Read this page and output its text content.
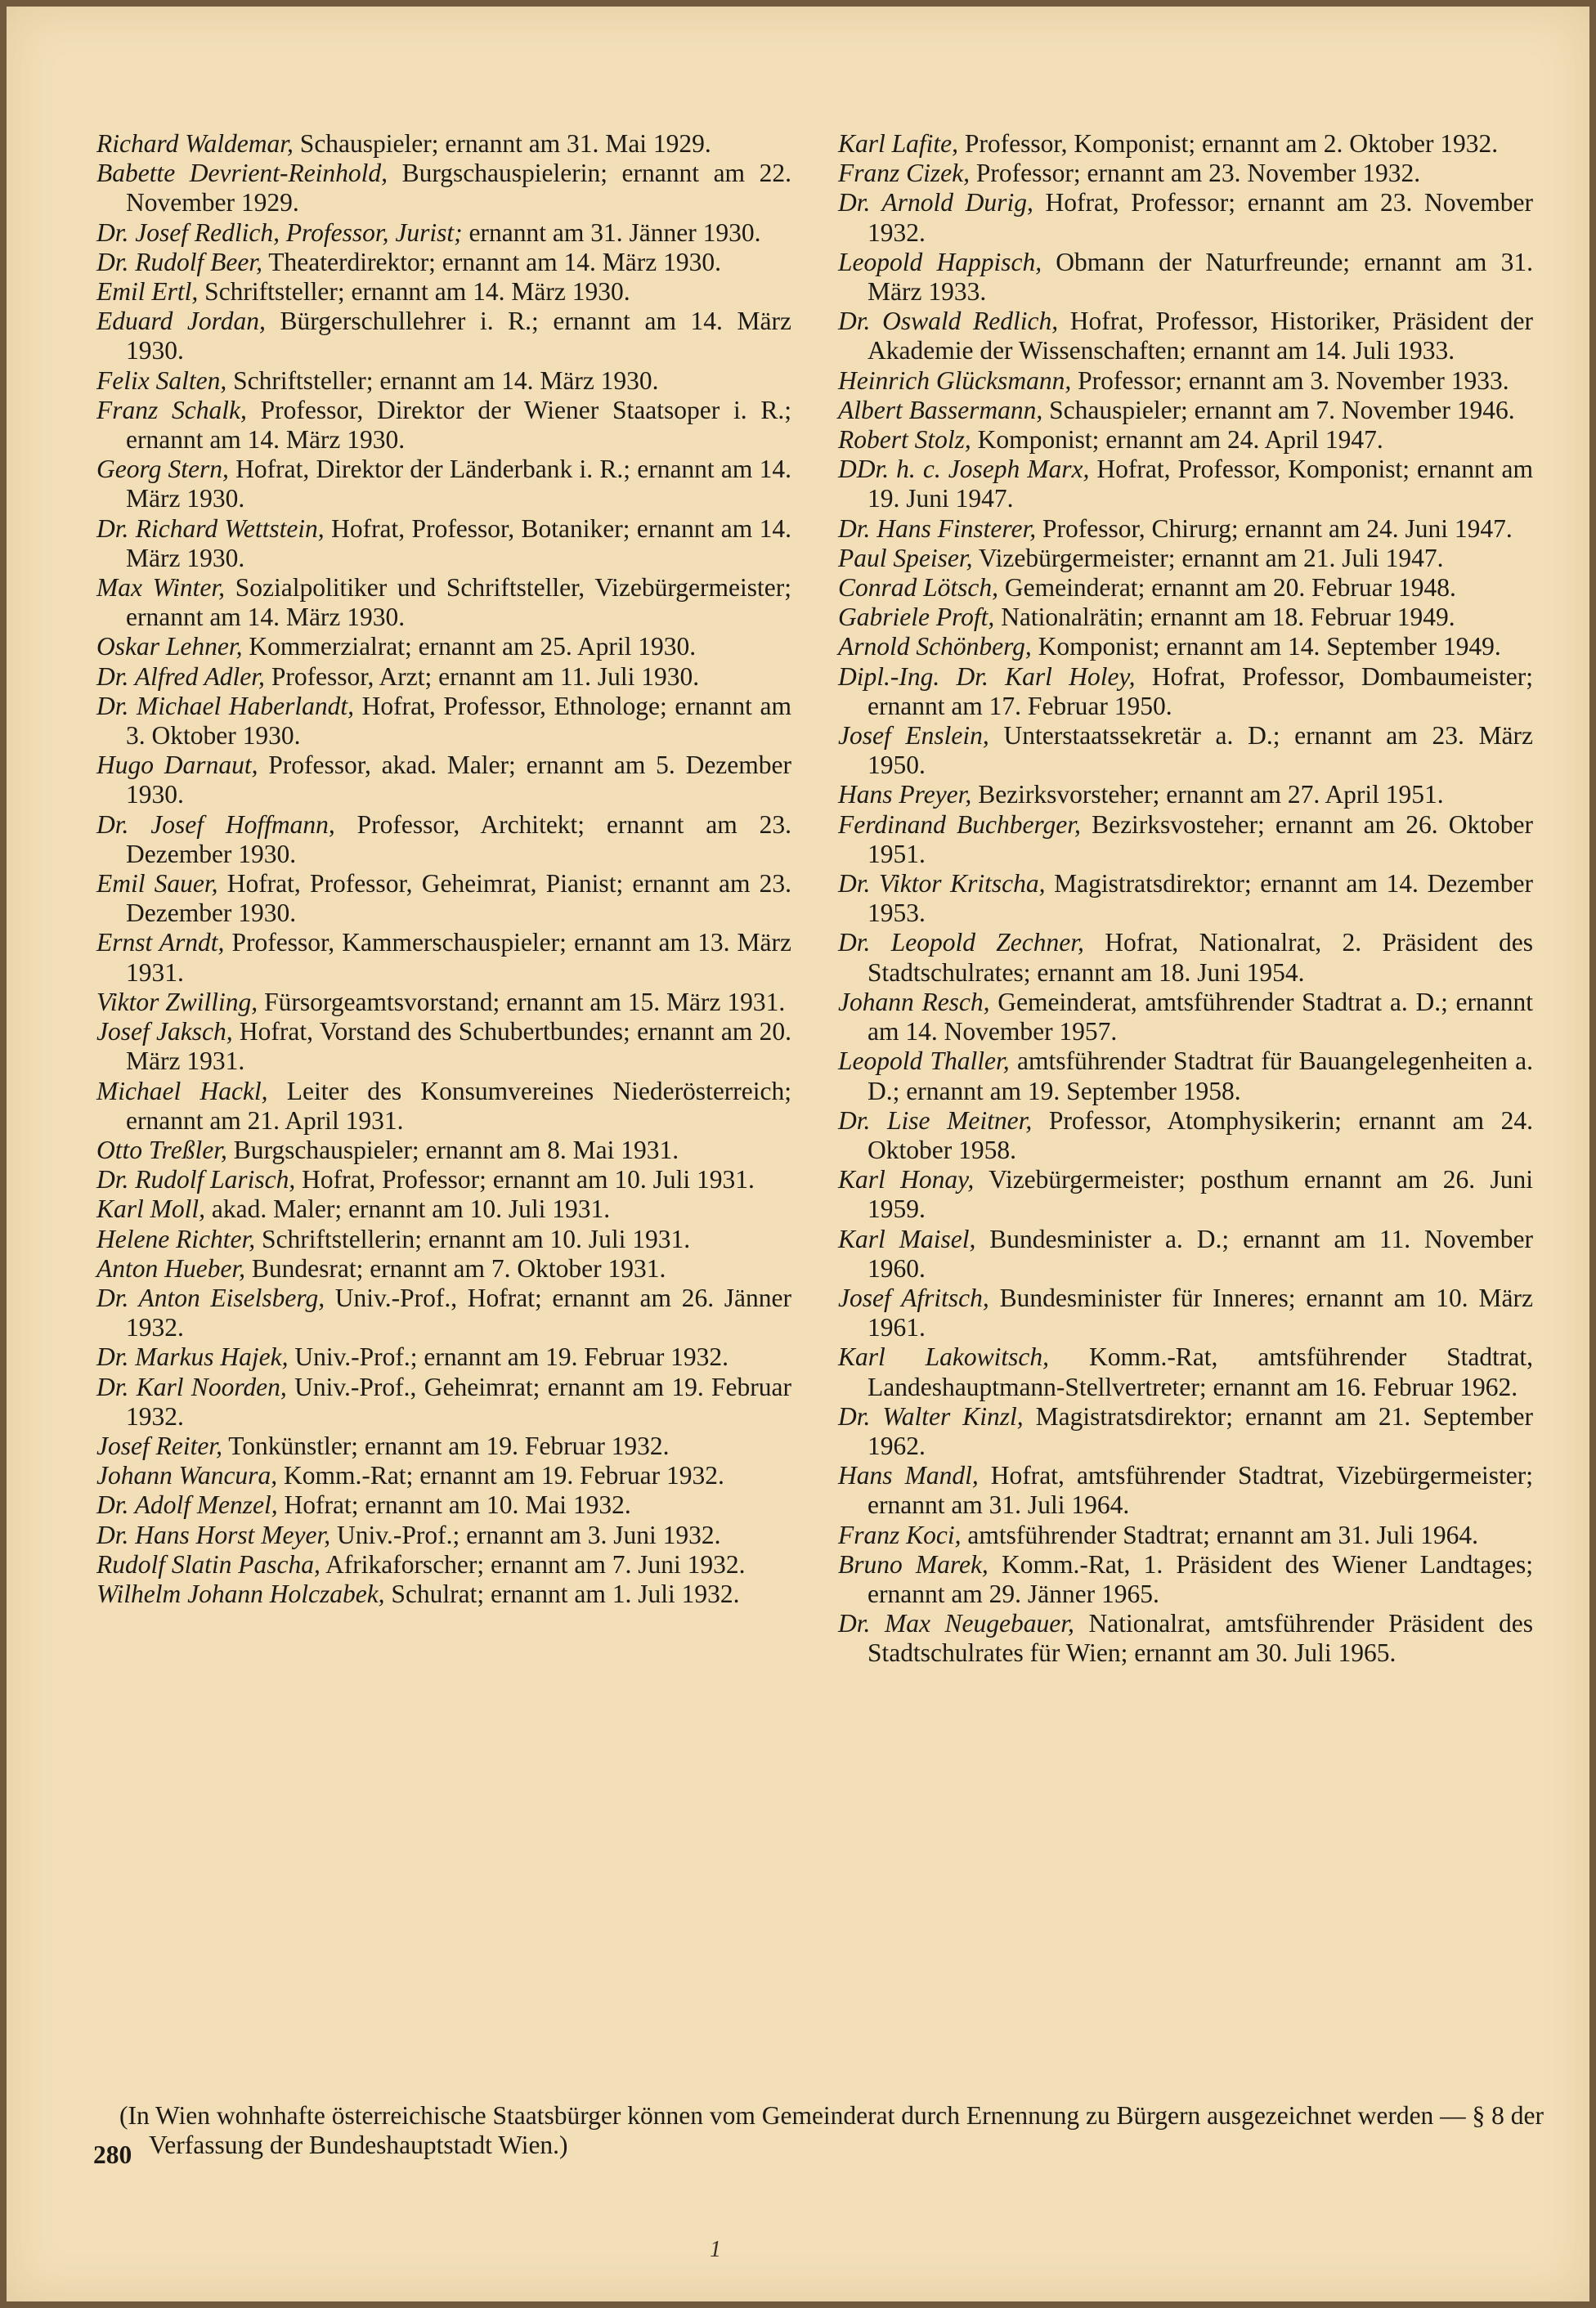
Richard Waldemar, Schauspieler; ernannt am 31. Mai 1929.

Babette Devrient-Reinhold, Burgschauspielerin; ernannt am 22. November 1929.

Dr. Josef Redlich, Professor, Jurist; ernannt am 31. Jänner 1930.

Dr. Rudolf Beer, Theaterdirektor; ernannt am 14. März 1930.

Emil Ertl, Schriftsteller; ernannt am 14. März 1930.

Eduard Jordan, Bürgerschullehrer i. R.; ernannt am 14. März 1930.

Felix Salten, Schriftsteller; ernannt am 14. März 1930.

Franz Schalk, Professor, Direktor der Wiener Staatsoper i. R.; ernannt am 14. März 1930.

Georg Stern, Hofrat, Direktor der Länderbank i. R.; ernannt am 14. März 1930.

Dr. Richard Wettstein, Hofrat, Professor, Botaniker; ernannt am 14. März 1930.

Max Winter, Sozialpolitiker und Schriftsteller, Vizebürgermeister; ernannt am 14. März 1930.

Oskar Lehner, Kommerzialrat; ernannt am 25. April 1930.

Dr. Alfred Adler, Professor, Arzt; ernannt am 11. Juli 1930.

Dr. Michael Haberlandt, Hofrat, Professor, Ethnologe; ernannt am 3. Oktober 1930.

Hugo Darnaut, Professor, akad. Maler; ernannt am 5. Dezember 1930.

Dr. Josef Hoffmann, Professor, Architekt; ernannt am 23. Dezember 1930.

Emil Sauer, Hofrat, Professor, Geheimrat, Pianist; ernannt am 23. Dezember 1930.

Ernst Arndt, Professor, Kammerschauspieler; ernannt am 13. März 1931.

Viktor Zwilling, Fürsorgeamtsvorstand; ernannt am 15. März 1931.

Josef Jaksch, Hofrat, Vorstand des Schubertbundes; ernannt am 20. März 1931.

Michael Hackl, Leiter des Konsumvereines Niederösterreich; ernannt am 21. April 1931.

Otto Treßler, Burgschauspieler; ernannt am 8. Mai 1931.

Dr. Rudolf Larisch, Hofrat, Professor; ernannt am 10. Juli 1931.

Karl Moll, akad. Maler; ernannt am 10. Juli 1931.

Helene Richter, Schriftstellerin; ernannt am 10. Juli 1931.

Anton Hueber, Bundesrat; ernannt am 7. Oktober 1931.

Dr. Anton Eiselsberg, Univ.-Prof., Hofrat; ernannt am 26. Jänner 1932.

Dr. Markus Hajek, Univ.-Prof.; ernannt am 19. Februar 1932.

Dr. Karl Noorden, Univ.-Prof., Geheimrat; ernannt am 19. Februar 1932.

Josef Reiter, Tonkünstler; ernannt am 19. Februar 1932.

Johann Wancura, Komm.-Rat; ernannt am 19. Februar 1932.

Dr. Adolf Menzel, Hofrat; ernannt am 10. Mai 1932.

Dr. Hans Horst Meyer, Univ.-Prof.; ernannt am 3. Juni 1932.

Rudolf Slatin Pascha, Afrikaforscher; ernannt am 7. Juni 1932.

Wilhelm Johann Holczabek, Schulrat; ernannt am 1. Juli 1932.

Karl Lafite, Professor, Komponist; ernannt am 2. Oktober 1932.

Franz Cizek, Professor; ernannt am 23. November 1932.

Dr. Arnold Durig, Hofrat, Professor; ernannt am 23. November 1932.

Leopold Happisch, Obmann der Naturfreunde; ernannt am 31. März 1933.

Dr. Oswald Redlich, Hofrat, Professor, Historiker, Präsident der Akademie der Wissenschaften; ernannt am 14. Juli 1933.

Heinrich Glücksmann, Professor; ernannt am 3. November 1933.

Albert Bassermann, Schauspieler; ernannt am 7. November 1946.

Robert Stolz, Komponist; ernannt am 24. April 1947.

DDr. h. c. Joseph Marx, Hofrat, Professor, Komponist; ernannt am 19. Juni 1947.

Dr. Hans Finsterer, Professor, Chirurg; ernannt am 24. Juni 1947.

Paul Speiser, Vizebürgermeister; ernannt am 21. Juli 1947.

Conrad Lötsch, Gemeinderat; ernannt am 20. Februar 1948.

Gabriele Proft, Nationalrätin; ernannt am 18. Februar 1949.

Arnold Schönberg, Komponist; ernannt am 14. September 1949.

Dipl.-Ing. Dr. Karl Holey, Hofrat, Professor, Dombaumeister; ernannt am 17. Februar 1950.

Josef Enslein, Unterstaatssekretär a. D.; ernannt am 23. März 1950.

Hans Preyer, Bezirksvorsteher; ernannt am 27. April 1951.

Ferdinand Buchberger, Bezirksvosteher; ernannt am 26. Oktober 1951.

Dr. Viktor Kritscha, Magistratsdirektor; ernannt am 14. Dezember 1953.

Dr. Leopold Zechner, Hofrat, Nationalrat, 2. Präsident des Stadtschulrates; ernannt am 18. Juni 1954.

Johann Resch, Gemeinderat, amtsführender Stadtrat a. D.; ernannt am 14. November 1957.

Leopold Thaller, amtsführender Stadtrat für Bauangelegenheiten a. D.; ernannt am 19. September 1958.

Dr. Lise Meitner, Professor, Atomphysikerin; ernannt am 24. Oktober 1958.

Karl Honay, Vizebürgermeister; posthum ernannt am 26. Juni 1959.

Karl Maisel, Bundesminister a. D.; ernannt am 11. November 1960.

Josef Afritsch, Bundesminister für Inneres; ernannt am 10. März 1961.

Karl Lakowitsch, Komm.-Rat, amtsführender Stadtrat, Landeshauptmann-Stellvertreter; ernannt am 16. Februar 1962.

Dr. Walter Kinzl, Magistratsdirektor; ernannt am 21. September 1962.

Hans Mandl, Hofrat, amtsführender Stadtrat, Vizebürgermeister; ernannt am 31. Juli 1964.

Franz Koci, amtsführender Stadtrat; ernannt am 31. Juli 1964.

Bruno Marek, Komm.-Rat, 1. Präsident des Wiener Landtages; ernannt am 29. Jänner 1965.

Dr. Max Neugebauer, Nationalrat, amtsführender Präsident des Stadtschulrates für Wien; ernannt am 30. Juli 1965.

(In Wien wohnhafte österreichische Staatsbürger können vom Gemeinderat durch Ernennung zu Bürgern ausgezeichnet werden — § 8 der Verfassung der Bundeshauptstadt Wien.)

280
1
